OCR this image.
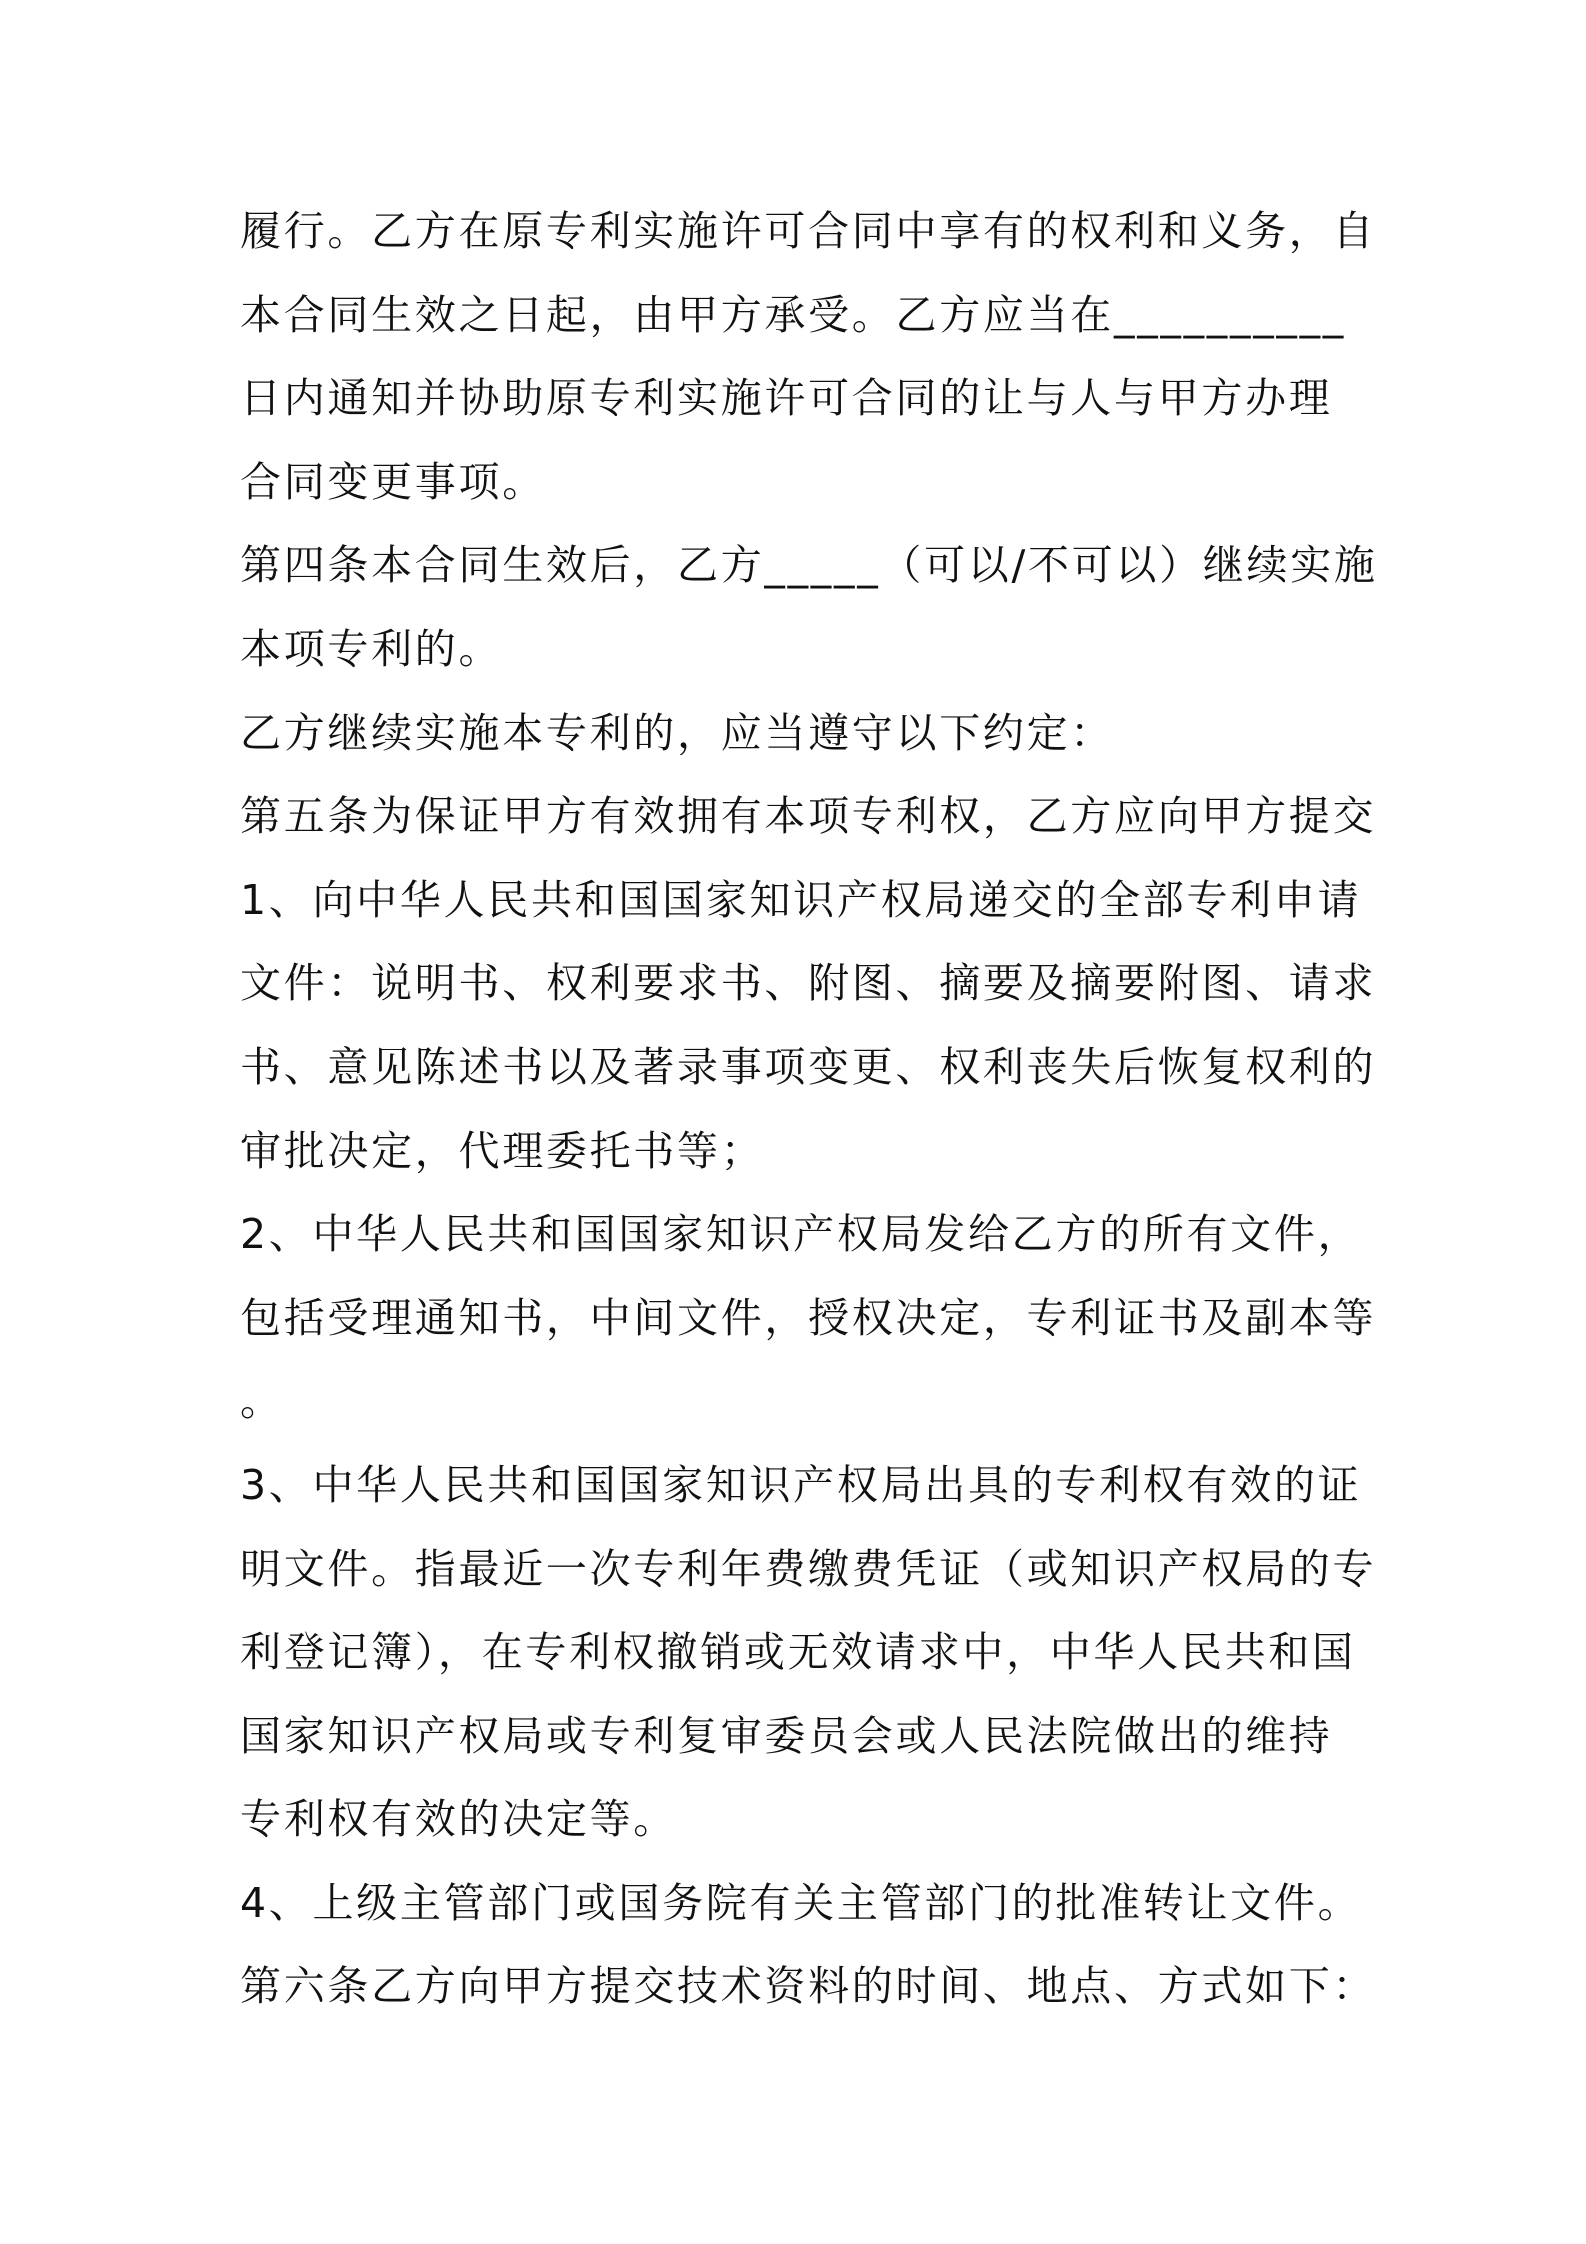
履行。乙方在原专利实施许可合同中享有的权利和义务，自
本合同生效之日起，由甲方承受。乙方应当在__________
日内通知并协助原专利实施许可合同的让与人与甲方办理
合同变更事项。
第四条本合同生效后，乙方_____（可以/不可以）继续实施
本项专利的。
乙方继续实施本专利的，应当遵守以下约定：
第五条为保证甲方有效拥有本项专利权，乙方应向甲方提交
1、向中华人民共和国国家知识产权局递交的全部专利申请
文件：说明书、权利要求书、附图、摘要及摘要附图、请求
书、意见陈述书以及著录事项变更、权利丧失后恢复权利的
审批决定，代理委托书等；
2、中华人民共和国国家知识产权局发给乙方的所有文件，
包括受理通知书，中间文件，授权决定，专利证书及副本等
。
3、中华人民共和国国家知识产权局出具的专利权有效的证
明文件。指最近一次专利年费缴费凭证（或知识产权局的专
利登记簿），在专利权撤销或无效请求中，中华人民共和国
国家知识产权局或专利复审委员会或人民法院做出的维持
专利权有效的决定等。
4、上级主管部门或国务院有关主管部门的批准转让文件。
第六条乙方向甲方提交技术资料的时间、地点、方式如下：
